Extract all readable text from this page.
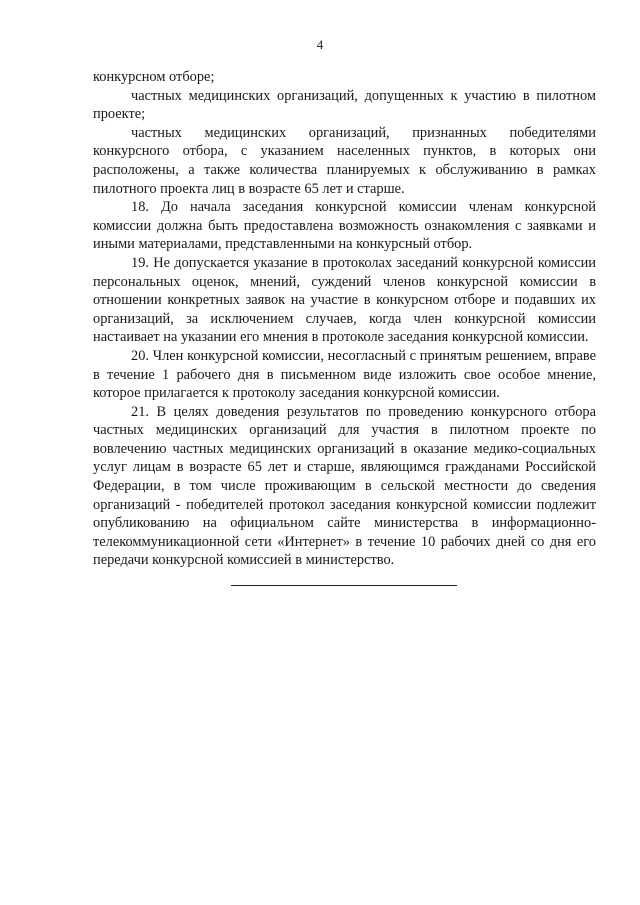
4

конкурсном отборе;

частных медицинских организаций, допущенных к участию в пилотном проекте;

частных медицинских организаций, признанных победителями конкурсного отбора, с указанием населенных пунктов, в которых они расположены, а также количества планируемых к обслуживанию в рамках пилотного проекта лиц в возрасте 65 лет и старше.

18. До начала заседания конкурсной комиссии членам конкурсной комиссии должна быть предоставлена возможность ознакомления с заявками и иными материалами, представленными на конкурсный отбор.

19. Не допускается указание в протоколах заседаний конкурсной комиссии персональных оценок, мнений, суждений членов конкурсной комиссии в отношении конкретных заявок на участие в конкурсном отборе и подавших их организаций, за исключением случаев, когда член конкурсной комиссии настаивает на указании его мнения в протоколе заседания конкурсной комиссии.

20. Член конкурсной комиссии, несогласный с принятым решением, вправе в течение 1 рабочего дня в письменном виде изложить свое особое мнение, которое прилагается к протоколу заседания конкурсной комиссии.

21. В целях доведения результатов по проведению конкурсного отбора частных медицинских организаций для участия в пилотном проекте по вовлечению частных медицинских организаций в оказание медико-социальных услуг лицам в возрасте 65 лет и старше, являющимся гражданами Российской Федерации, в том числе проживающим в сельской местности до сведения организаций - победителей протокол заседания конкурсной комиссии подлежит опубликованию на официальном сайте министерства в информационно-телекоммуникационной сети «Интернет» в течение 10 рабочих дней со дня его передачи конкурсной комиссией в министерство.
